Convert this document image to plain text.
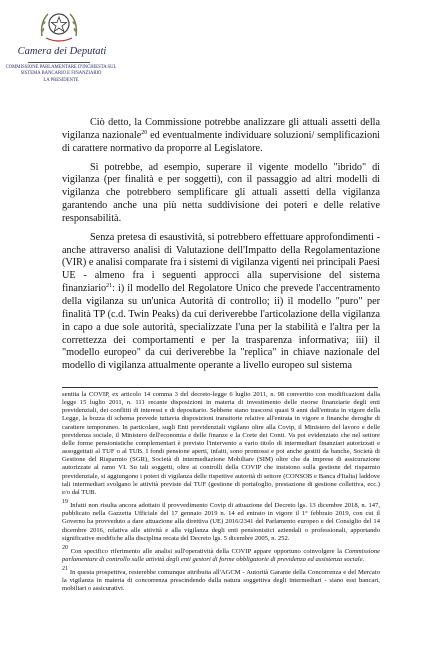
Camera dei Deputati
COMMISSIONE PARLAMENTARE D'INCHIESTA SUL
SISTEMA BANCARIO E FINANZIARIO
LA PRESIDENTE

Ciò detto, la Commissione potrebbe analizzare gli attuali assetti della vigilanza nazionale$^{20}$ ed eventualmente individuare soluzioni/ semplificazioni di carattere normativo da proporre al Legislatore.

Si potrebbe, ad esempio, superare il vigente modello "ibrido" di vigilanza (per finalità e per soggetti), con il passaggio ad altri modelli di vigilanza che potrebbero semplificare gli attuali assetti della vigilanza garantendo anche una più netta suddivisione dei poteri e delle relative responsabilità.

Senza pretesa di esaustività, si potrebbero effettuare approfondimenti - anche attraverso analisi di Valutazione dell'Impatto della Regolamentazione (VIR) e analisi comparate fra i sistemi di vigilanza vigenti nei principali Paesi UE - almeno fra i seguenti approcci alla supervisione del sistema finanziario$^{21}$: i) il modello del Regolatore Unico che prevede l'accentramento della vigilanza su un'unica Autorità di controllo; ii) il modello "puro" per finalità TP (c.d. Twin Peaks) da cui deriverebbe l'articolazione della vigilanza in capo a due sole autorità, specializzate l'una per la stabilità e l'altra per la correttezza dei comportamenti e per la trasparenza informativa; iii) il "modello europeo" da cui deriverebbe la "replica" in chiave nazionale del modello di vigilanza attualmente operante a livello europeo sul sistema

sentita la COVIP, ex articolo 14 comma 3 del decreto-legge 6 luglio 2011, n. 98 convertito con modificazioni dalla legge 15 luglio 2011, n. 111 recante disposizioni in materia di investimento delle risorse finanziarie degli enti previdenziali, dei conflitti di interessi e di depositario. Sebbene siano trascorsi quasi 9 anni dall'entrata in vigore della Legge, la bozza di schema prevede tuttavia disposizioni transitorie relative all'entrata in vigore e finanche deroghe di carattere temporaneo. In particolare, sugli Enti previdenziali vigilano oltre alla Covip, il Ministero del lavoro e delle previdenza sociale, il Ministero dell'economia e delle finanze e la Corte dei Conti. Va poi evidenziato che nel settore delle forme pensionistiche complementari è previsto l'intervento a vario titolo di intermediari finanziari autorizzati e assoggettati al TUF o al TUB. I fondi pensione aperti, infatti, sono promossi e poi anche gestiti da banche, Società di Gestione del Risparmio (SGR), Società di intermediazione Mobiliare (SIM) oltre che da imprese di assicurazione autorizzate al ramo VI. Su tali soggetti, oltre ai controlli della COVIP che insistono sulla gestione del risparmio previdenziale, si aggiungono i poteri di vigilanza delle rispettive autorità di settore (CONSOB e Banca d'Italia) laddove tali intermediari svolgano le attività previste dal TUF (gestione di portafoglio, prestazione di gestione collettiva, ecc.) e/o dal TUB.

$^{19}$ Infatti non risulta ancora adottato il provvedimento Covip di attuazione del Decreto lgs. 13 dicembre 2018, n. 147, pubblicato nella Gazzetta Ufficiale del 17 gennaio 2019 n. 14 ed entrato in vigore il 1° febbraio 2019, con cui il Governo ha provveduto a dare attuazione alla direttiva (UE) 2016/2341 del Parlamento europeo e del Consiglio del 14 dicembre 2016, relativa alle attività e alla vigilanza degli enti pensionistici aziendali o professionali, apportando significative modifiche alla disciplina recata del Decreto lgs. 5 dicembre 2005, n. 252.

$^{20}$ Con specifico riferimento alle analisi sull'operatività della COVIP appare opportuno coinvolgere la Commissione parlamentare di controllo sulle attività degli enti gestori di forme obbligatorie di previdenza ed assistenza sociale.

$^{21}$ In questa prospettiva, resterebbe comunque attribuita all'AGCM - Autorità Garante della Concorrenza e del Mercato la vigilanza in materia di concorrenza prescindendo dalla natura soggettiva degli intermediari - siano essi bancari, mobiliari o assicurativi.
